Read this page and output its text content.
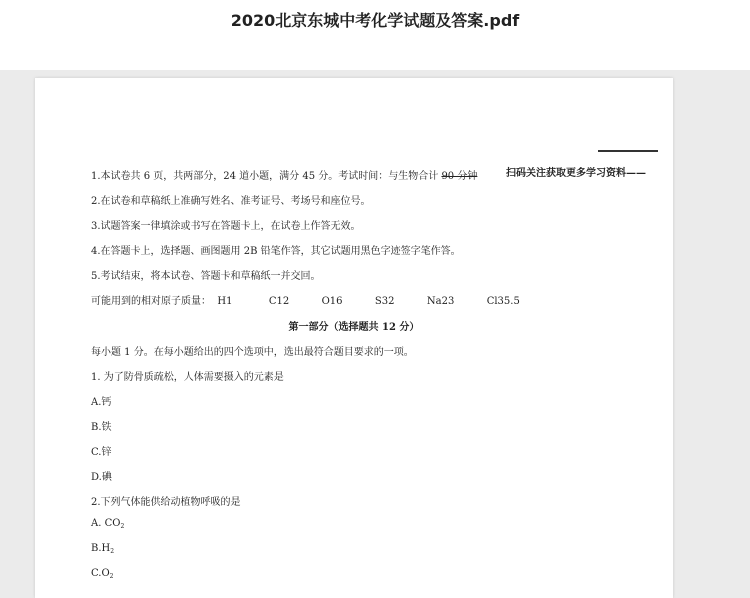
2020北京东城中考化学试题及答案.pdf
扫码关注获取更多学习资料——
1.本试卷共 6 页，共两部分，24 道小题，满分 45 分。考试时间：与生物合计 90 分钟
2.在试卷和草稿纸上准确写姓名、准考证号、考场号和座位号。
3.试题答案一律填涂或书写在答题卡上，在试卷上作答无效。
4.在答题卡上，选择题、画图题用 2B 铅笔作答，其它试题用黑色字迹签字笔作答。
5.考试结束，将本试卷、答题卡和草稿纸一并交回。
可能用到的相对原子质量： H1	C12	O16	S32	Na23	Cl35.5
第一部分（选择题共 12 分）
每小题 1 分。在每小题给出的四个选项中，选出最符合题目要求的一项。
1. 为了防骨质疏松，人体需要摄入的元素是
A.钙
B.铁
C.锌
D.碘
2.下列气体能供给动植物呼吸的是
A. $CO_2$
$B.H_2$
$C.O_2$
